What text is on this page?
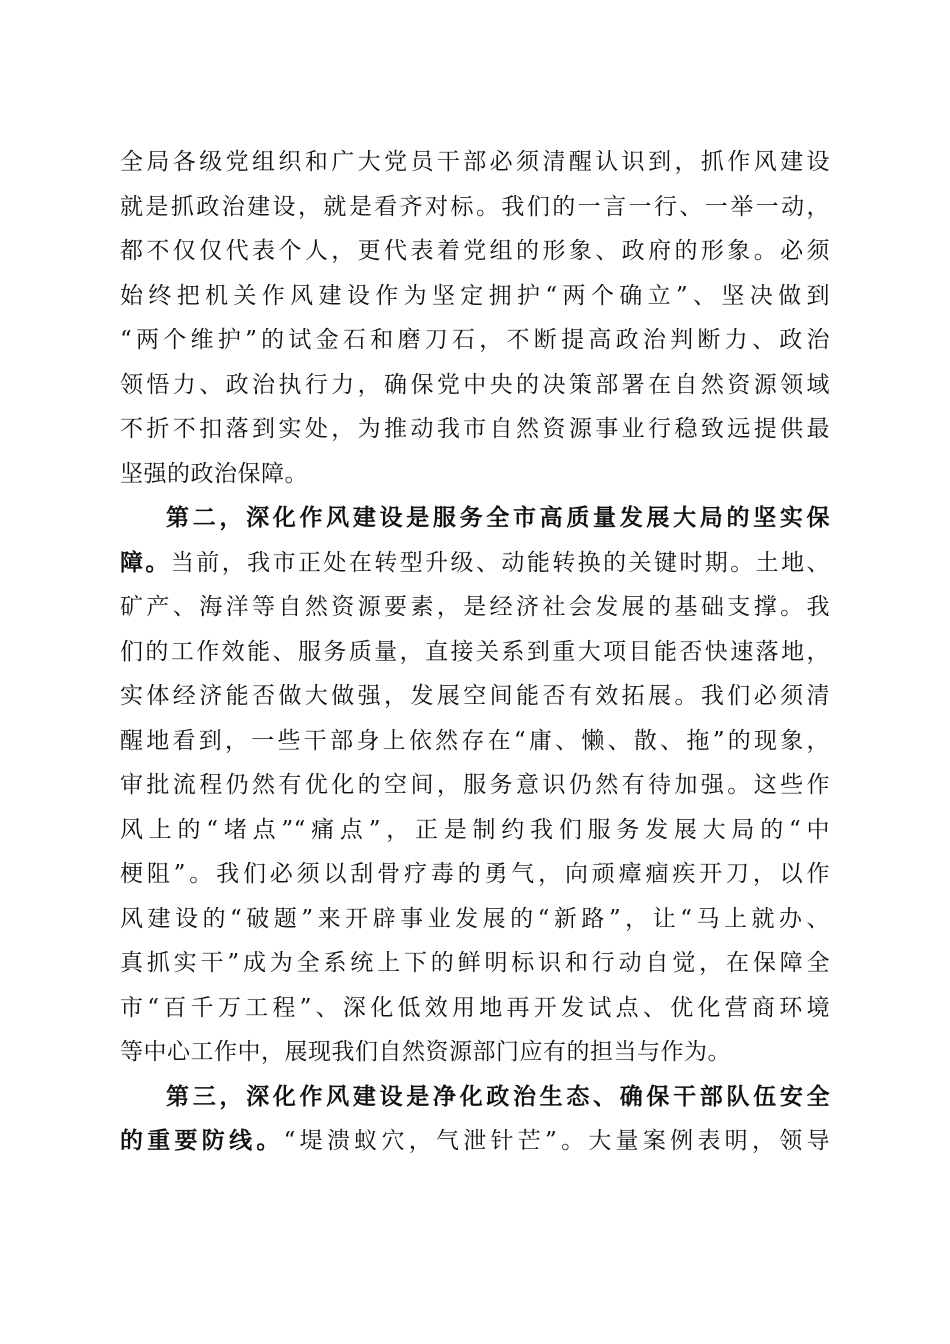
全局各级党组织和广大党员干部必须清醒认识到，抓作风建设
就是抓政治建设，就是看齐对标。我们的一言一行、一举一动，
都不仅仅代表个人，更代表着党组的形象、政府的形象。必须
始终把机关作风建设作为坚定拥护“两个确立”、坚决做到
“两个维护”的试金石和磨刀石，不断提高政治判断力、政治
领悟力、政治执行力，确保党中央的决策部署在自然资源领域
不折不扣落到实处，为推动我市自然资源事业行稳致远提供最
坚强的政治保障。
第二，深化作风建设是服务全市高质量发展大局的坚实保
障。当前，我市正处在转型升级、动能转换的关键时期。土地、
矿产、海洋等自然资源要素，是经济社会发展的基础支撑。我
们的工作效能、服务质量，直接关系到重大项目能否快速落地，
实体经济能否做大做强，发展空间能否有效拓展。我们必须清
醒地看到，一些干部身上依然存在“庸、懒、散、拖”的现象，
审批流程仍然有优化的空间，服务意识仍然有待加强。这些作
风上的“堵点”“痛点”，正是制约我们服务发展大局的“中
梗阻”。我们必须以刮骨疗毒的勇气，向顽瘴痼疾开刀，以作
风建设的“破题”来开辟事业发展的“新路”，让“马上就办、
真抓实干”成为全系统上下的鲜明标识和行动自觉，在保障全
市“百千万工程”、深化低效用地再开发试点、优化营商环境
等中心工作中，展现我们自然资源部门应有的担当与作为。
第三，深化作风建设是净化政治生态、确保干部队伍安全
的重要防线。“堤溃蚁穴，气泄针芒”。大量案例表明，领导
